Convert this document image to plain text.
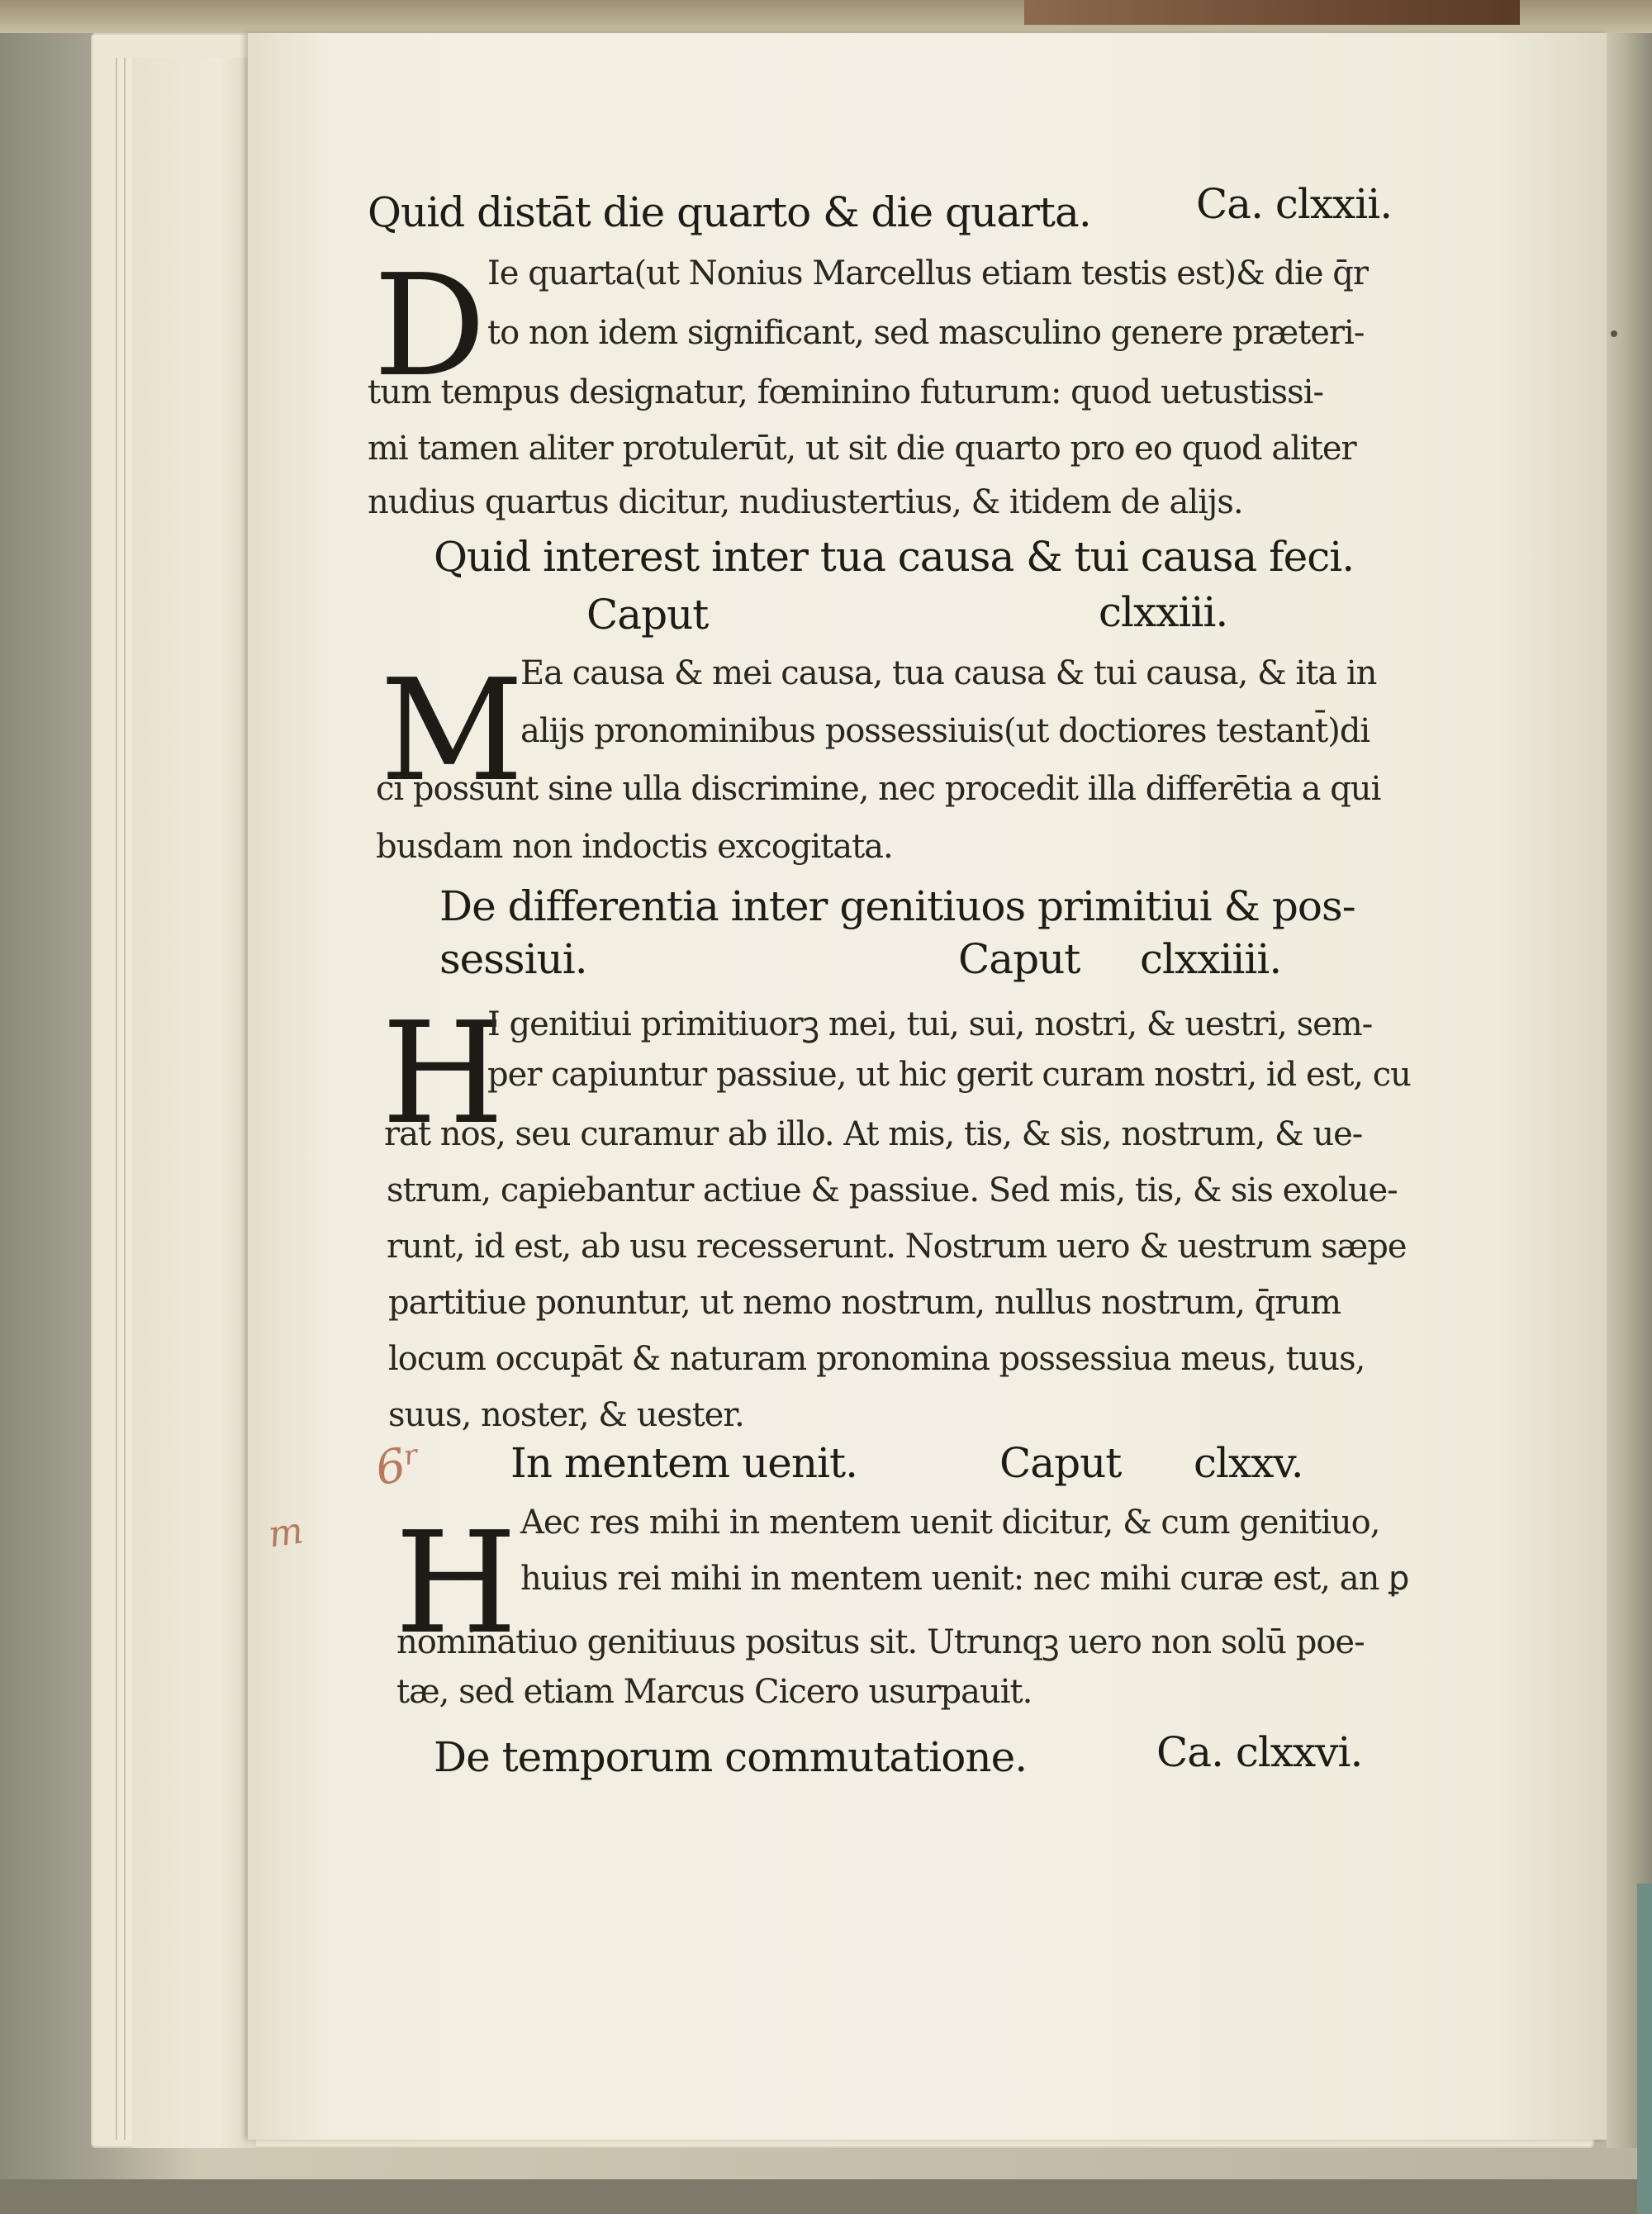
Quid distāt die quarto & die quarta.	Ca. clxxii.
D Ie quarta(ut Nonius Marcellus etiam testis est)& die q̄r
to non idem significant, sed masculino genere præteri-
tum tempus designatur, fœminino futurum: quod uetustissi-
mi tamen aliter protulerūt, ut sit die quarto pro eo quod aliter
nudius quartus dicitur, nudiustertius, & itidem de alijs.
Quid interest inter tua causa & tui causa feci.
Caput	clxxiii.
M
Ea causa & mei causa, tua causa & tui causa, & ita in
alijs pronominibus possessiuis(ut doctiores testant̄)di
ci possunt sine ulla discrimine, nec procedit illa differētia a qui
busdam non indoctis excogitata.
De differentia inter genitiuos primitiui & pos-
sessiui.	Caput clxxiiii.
H
I genitiui primitiuorꝫ mei, tui, sui, nostri, & uestri, sem-
per capiuntur passiue, ut hic gerit curam nostri, id est, cu
rat nos, seu curamur ab illo. At mis, tis, & sis, nostrum, & ue-
strum, capiebantur actiue & passiue. Sed mis, tis, & sis exolue-
runt, id est, ab usu recesserunt. Nostrum uero & uestrum sæpe
partitiue ponuntur, ut nemo nostrum, nullus nostrum, q̄rum
locum occupāt & naturam pronomina possessiua meus, tuus,
suus, noster, & uester.
6ʳ
m
In mentem uenit.	Caput clxxv.
H Aec res mihi in mentem uenit dicitur, & cum genitiuo,
huius rei mihi in mentem uenit: nec mihi curæ est, an ꝑ
nominatiuo genitiuus positus sit. Utrunqꝫ uero non solū poe-
tæ, sed etiam Marcus Cicero usurpauit.
De temporum commutatione.	Ca. clxxvi.
